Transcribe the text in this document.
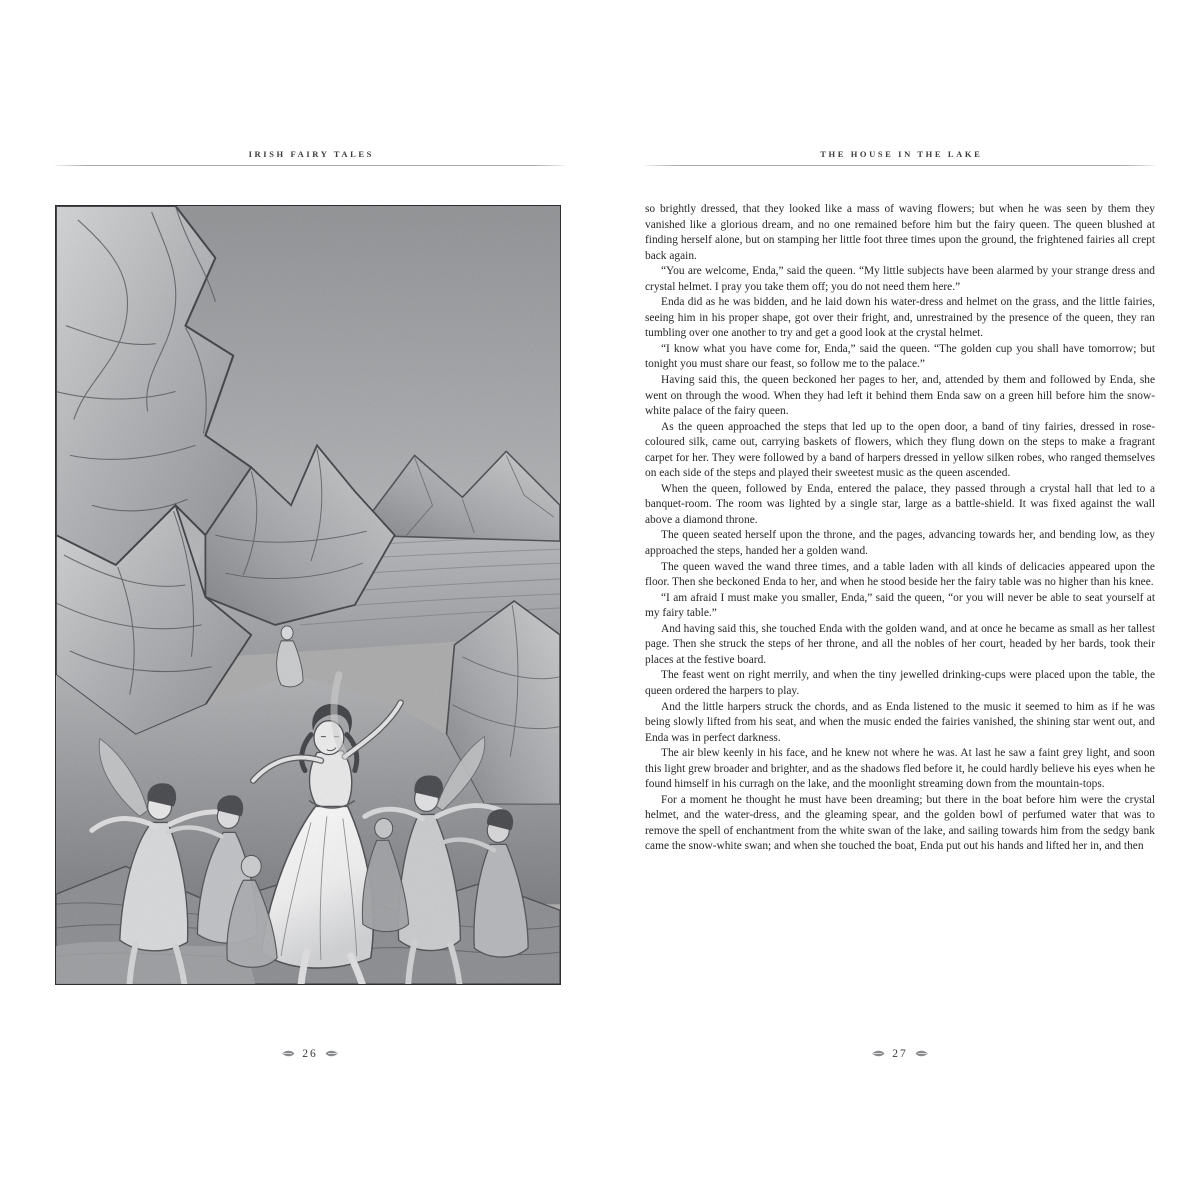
IRISH FAIRY TALES
26
THE HOUSE IN THE LAKE

so brightly dressed, that they looked like a mass of waving flowers; but when he was seen by them they vanished like a glorious dream, and no one remained before him but the fairy queen. The queen blushed at finding herself alone, but on stamping her little foot three times upon the ground, the frightened fairies all crept back again.

“You are welcome, Enda,” said the queen. “My little subjects have been alarmed by your strange dress and crystal helmet. I pray you take them off; you do not need them here.”

Enda did as he was bidden, and he laid down his water-dress and helmet on the grass, and the little fairies, seeing him in his proper shape, got over their fright, and, unrestrained by the presence of the queen, they ran tumbling over one another to try and get a good look at the crystal helmet.

“I know what you have come for, Enda,” said the queen. “The golden cup you shall have tomorrow; but tonight you must share our feast, so follow me to the palace.”

Having said this, the queen beckoned her pages to her, and, attended by them and followed by Enda, she went on through the wood. When they had left it behind them Enda saw on a green hill before him the snow-white palace of the fairy queen.

As the queen approached the steps that led up to the open door, a band of tiny fairies, dressed in rose-coloured silk, came out, carrying baskets of flowers, which they flung down on the steps to make a fragrant carpet for her. They were followed by a band of harpers dressed in yellow silken robes, who ranged themselves on each side of the steps and played their sweetest music as the queen ascended.

When the queen, followed by Enda, entered the palace, they passed through a crystal hall that led to a banquet-room. The room was lighted by a single star, large as a battle-shield. It was fixed against the wall above a diamond throne.

The queen seated herself upon the throne, and the pages, advancing towards her, and bending low, as they approached the steps, handed her a golden wand.

The queen waved the wand three times, and a table laden with all kinds of delicacies appeared upon the floor. Then she beckoned Enda to her, and when he stood beside her the fairy table was no higher than his knee.

“I am afraid I must make you smaller, Enda,” said the queen, “or you will never be able to seat yourself at my fairy table.”

And having said this, she touched Enda with the golden wand, and at once he became as small as her tallest page. Then she struck the steps of her throne, and all the nobles of her court, headed by her bards, took their places at the festive board.

The feast went on right merrily, and when the tiny jewelled drinking-cups were placed upon the table, the queen ordered the harpers to play.

And the little harpers struck the chords, and as Enda listened to the music it seemed to him as if he was being slowly lifted from his seat, and when the music ended the fairies vanished, the shining star went out, and Enda was in perfect darkness.

The air blew keenly in his face, and he knew not where he was. At last he saw a faint grey light, and soon this light grew broader and brighter, and as the shadows fled before it, he could hardly believe his eyes when he found himself in his curragh on the lake, and the moonlight streaming down from the mountain-tops.

For a moment he thought he must have been dreaming; but there in the boat before him were the crystal helmet, and the water-dress, and the gleaming spear, and the golden bowl of perfumed water that was to remove the spell of enchantment from the white swan of the lake, and sailing towards him from the sedgy bank came the snow-white swan; and when she touched the boat, Enda put out his hands and lifted her in, and then

27
